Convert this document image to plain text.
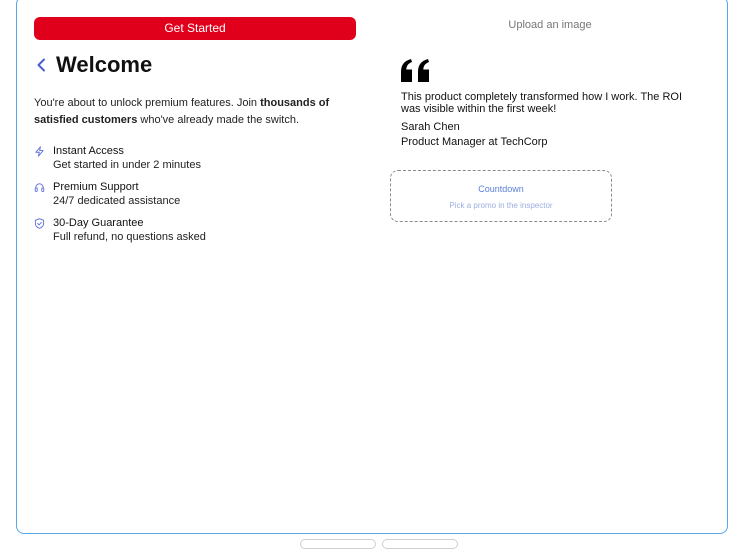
Get Started
Welcome
You're about to unlock premium features. Join thousands of satisfied customers who've already made the switch.
Instant Access
Get started in under 2 minutes
Premium Support
24/7 dedicated assistance
30-Day Guarantee
Full refund, no questions asked
Upload an image
This product completely transformed how I work. The ROI was visible within the first week!
Sarah Chen
Product Manager at TechCorp
Countdown
Pick a promo in the inspector
